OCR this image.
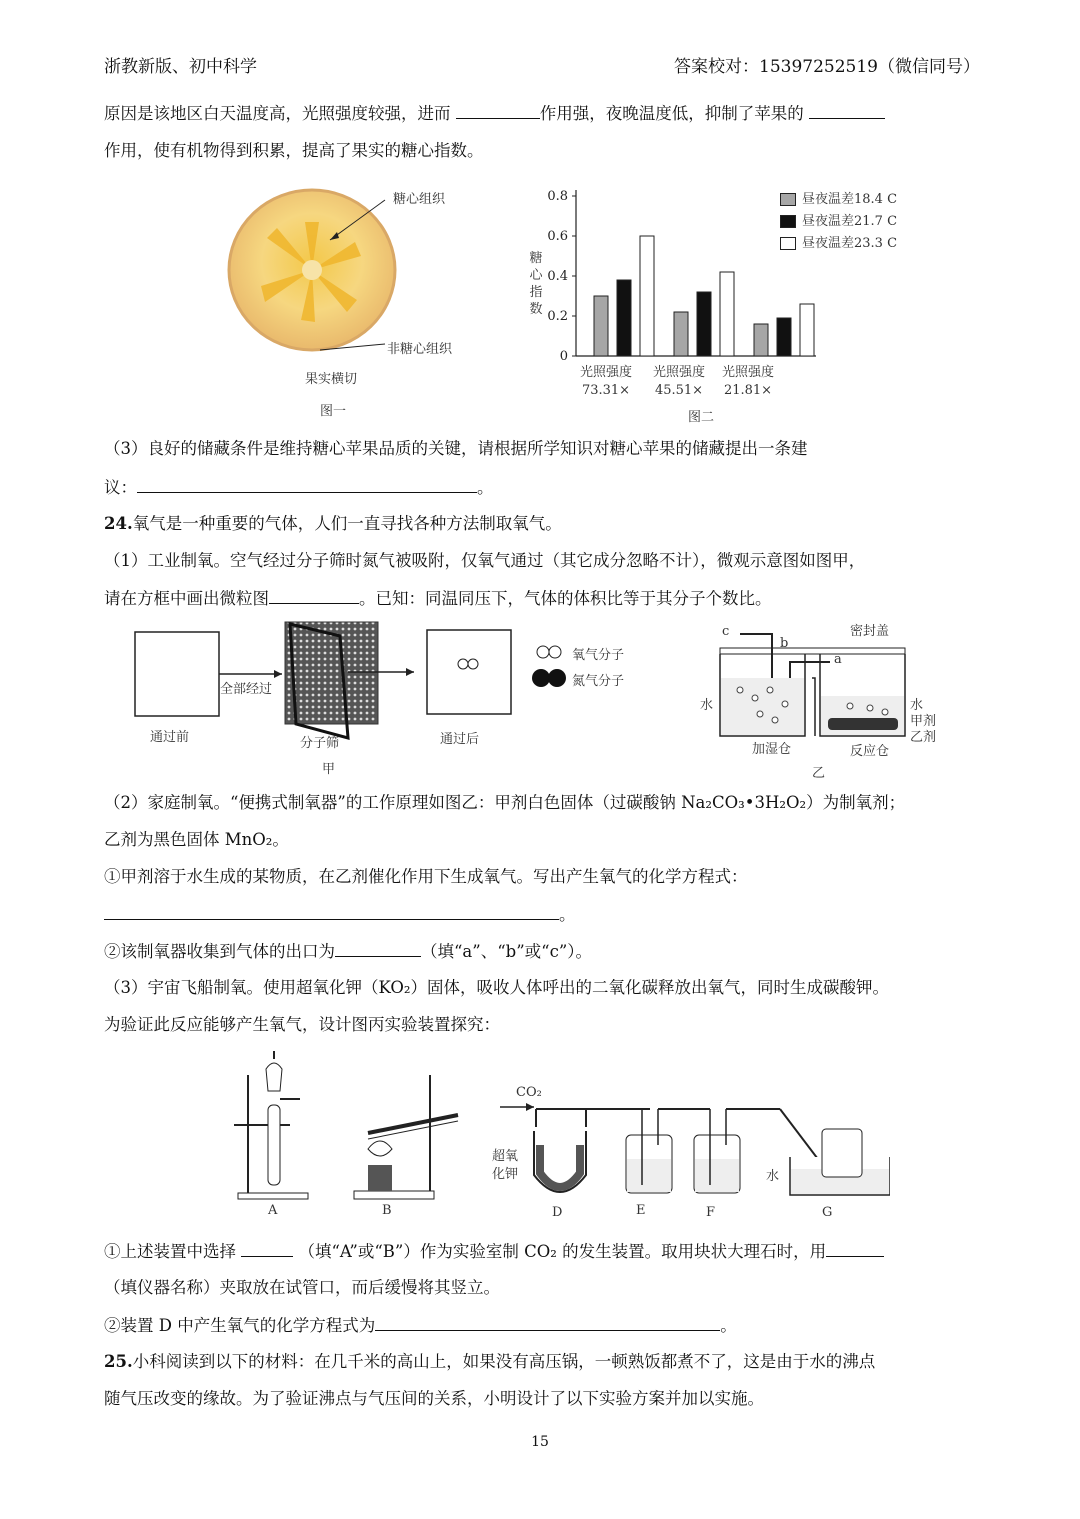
浙教新版、初中科学	答案校对：15397252519（微信同号）
原因是该地区白天温度高，光照强度较强，进而	作用强，夜晚温度低，抑制了苹果的
作用，使有机物得到积累，提高了果实的糖心指数。
糖心组织
非糖心组织
果实横切
图一
0
0.2
0.4
0.6
0.8
糖心指数
昼夜温差18.4 C
昼夜温差21.7 C
昼夜温差23.3 C
光照强度
73.31×
光照强度
45.51×
光照强度
21.81×
图二
（3）良好的储藏条件是维持糖心苹果品质的关键，请根据所学知识对糖心苹果的储藏提出一条建
议：	。
24.氧气是一种重要的气体，人们一直寻找各种方法制取氧气。
（1）工业制氧。空气经过分子筛时氮气被吸附，仅氧气通过（其它成分忽略不计），微观示意图如图甲，
请在方框中画出微粒图	。已知：同温同压下，气体的体积比等于其分子个数比。
全部经过
通过前	分子筛	通过后
氧气分子
氮气分子
甲
c
a
b
密封盖
水	水
甲剂
乙剂
加湿仓	反应仓
乙
（2）家庭制氧。“便携式制氧器”的工作原理如图乙：甲剂白色固体（过碳酸钠 Na₂CO₃•3H₂O₂）为制氧剂；
乙剂为黑色固体 MnO₂。
①甲剂溶于水生成的某物质，在乙剂催化作用下生成氧气。写出产生氧气的化学方程式：
。
②该制氧器收集到气体的出口为	（填“a”、“b”或“c”）。
（3）宇宙飞船制氧。使用超氧化钾（KO₂）固体，吸收人体呼出的二氧化碳释放出氧气，同时生成碳酸钾。
为验证此反应能够产生氧气，设计图丙实验装置探究：
A	B	D	E	F	G
CO₂
超氧
化钾	水
①上述装置中选择	（填“A”或“B”）作为实验室制 CO₂ 的发生装置。取用块状大理石时，用
（填仪器名称）夹取放在试管口，而后缓慢将其竖立。
②装置 D 中产生氧气的化学方程式为	。
25.小科阅读到以下的材料：在几千米的高山上，如果没有高压锅，一顿熟饭都煮不了，这是由于水的沸点
随气压改变的缘故。为了验证沸点与气压间的关系，小明设计了以下实验方案并加以实施。
15
